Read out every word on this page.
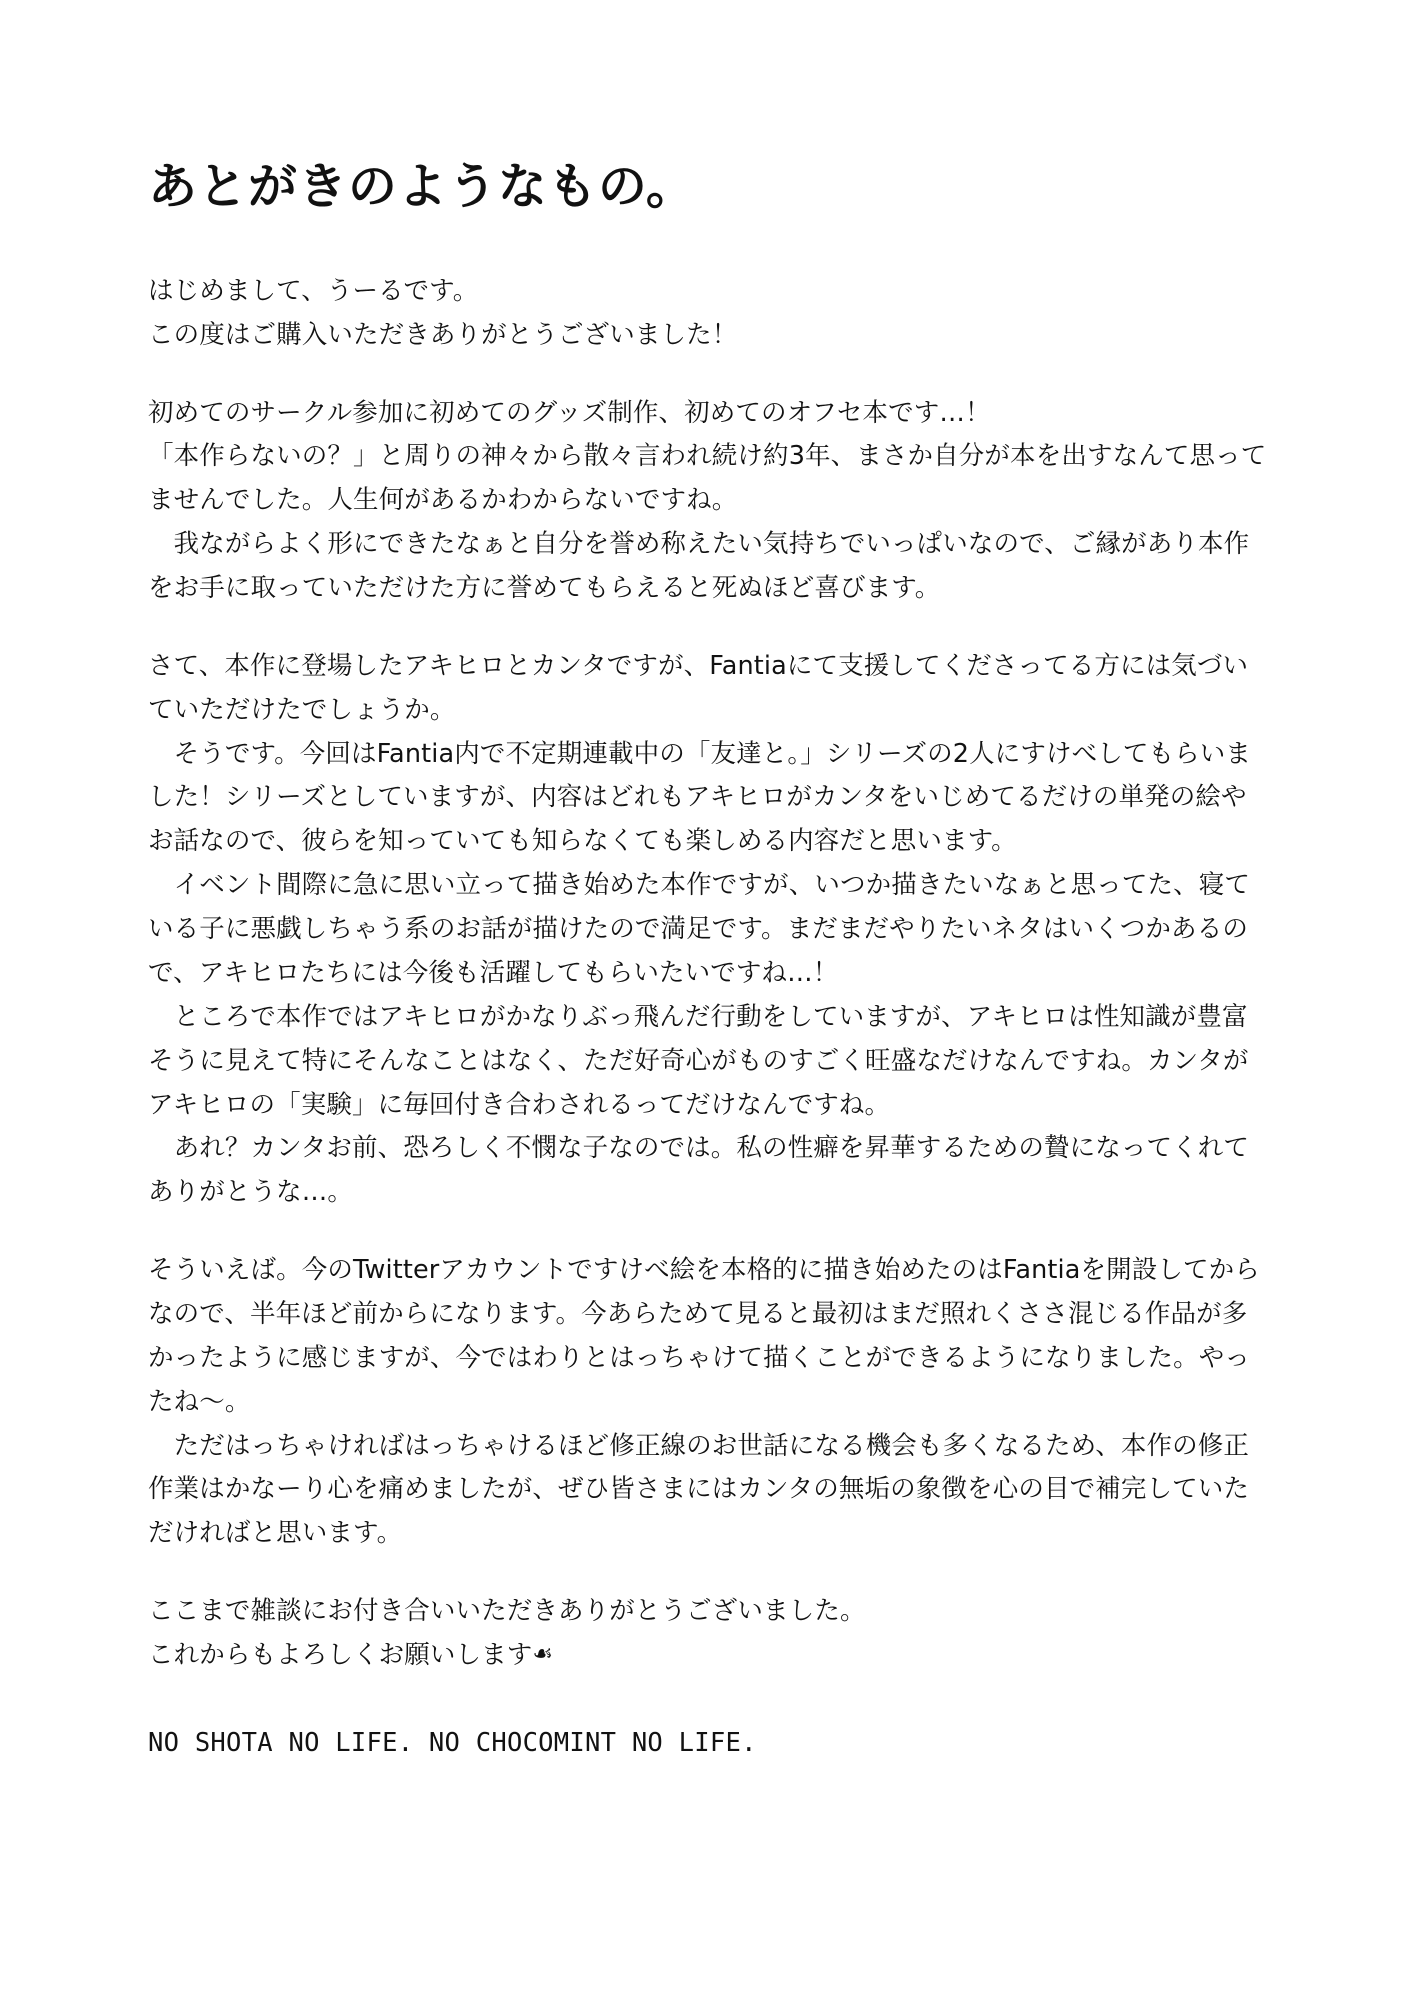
あとがきのようなもの。

はじめまして、うーるです。

この度はご購入いただきありがとうございました！

初めてのサークル参加に初めてのグッズ制作、初めてのオフセ本です…！

「本作らないの？」と周りの神々から散々言われ続け約3年、まさか自分が本を出すなんて思ってませんでした。人生何があるかわからないですね。

　我ながらよく形にできたなぁと自分を誉め称えたい気持ちでいっぱいなので、ご縁があり本作をお手に取っていただけた方に誉めてもらえると死ぬほど喜びます。

さて、本作に登場したアキヒロとカンタですが、Fantiaにて支援してくださってる方には気づいていただけたでしょうか。

　そうです。今回はFantia内で不定期連載中の「友達と。」シリーズの2人にすけべしてもらいました！シリーズとしていますが、内容はどれもアキヒロがカンタをいじめてるだけの単発の絵やお話なので、彼らを知っていても知らなくても楽しめる内容だと思います。

　イベント間際に急に思い立って描き始めた本作ですが、いつか描きたいなぁと思ってた、寝ている子に悪戯しちゃう系のお話が描けたので満足です。まだまだやりたいネタはいくつかあるので、アキヒロたちには今後も活躍してもらいたいですね…！

　ところで本作ではアキヒロがかなりぶっ飛んだ行動をしていますが、アキヒロは性知識が豊富そうに見えて特にそんなことはなく、ただ好奇心がものすごく旺盛なだけなんですね。カンタがアキヒロの「実験」に毎回付き合わされるってだけなんですね。

　あれ？カンタお前、恐ろしく不憫な子なのでは。私の性癖を昇華するための贄になってくれてありがとうな…。

そういえば。今のTwitterアカウントですけべ絵を本格的に描き始めたのはFantiaを開設してからなので、半年ほど前からになります。今あらためて見ると最初はまだ照れくささ混じる作品が多かったように感じますが、今ではわりとはっちゃけて描くことができるようになりました。やったね〜。

　ただはっちゃければはっちゃけるほど修正線のお世話になる機会も多くなるため、本作の修正作業はかなーり心を痛めましたが、ぜひ皆さまにはカンタの無垢の象徴を心の目で補完していただければと思います。

ここまで雑談にお付き合いいただきありがとうございました。

これからもよろしくお願いします☙

NO SHOTA NO LIFE. NO CHOCOMINT NO LIFE.
